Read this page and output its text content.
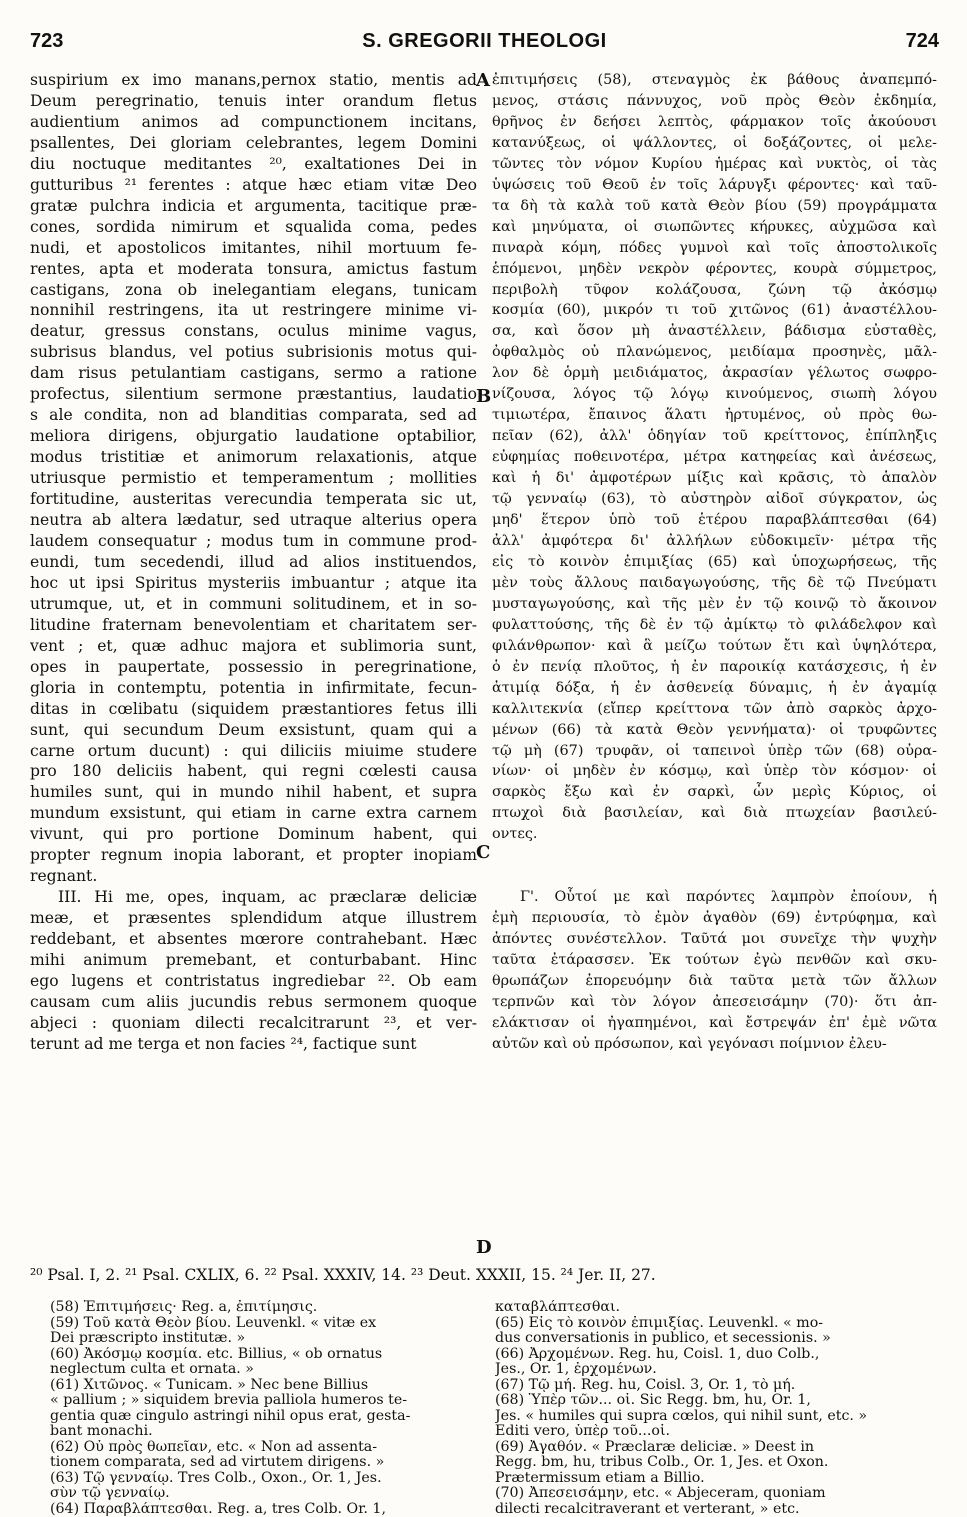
723	S. GREGORII THEOLOGI	724
suspirium ex imo manans,pernox statio, mentis ad
Deum peregrinatio, tenuis inter orandum fletus
audientium animos ad compunctionem incitans,
psallentes, Dei gloriam celebrantes, legem Domini
diu noctuque meditantes ²⁰, exaltationes Dei in
gutturibus ²¹ ferentes : atque hæc etiam vitæ Deo
gratæ pulchra indicia et argumenta, tacitique præ-
cones, sordida nimirum et squalida coma, pedes
nudi, et apostolicos imitantes, nihil mortuum fe-
rentes, apta et moderata tonsura, amictus fastum
castigans, zona ob inelegantiam elegans, tunicam
nonnihil restringens, ita ut restringere minime vi-
deatur, gressus constans, oculus minime vagus,
subrisus blandus, vel potius subrisionis motus qui-
dam risus petulantiam castigans, sermo a ratione
profectus, silentium sermone præstantius, laudatio
s ale condita, non ad blanditias comparata, sed ad
meliora dirigens, objurgatio laudatione optabilior,
modus tristitiæ et animorum relaxationis, atque
utriusque permistio et temperamentum ; mollities
fortitudine, austeritas verecundia temperata sic ut,
neutra ab altera lædatur, sed utraque alterius opera
laudem consequatur ; modus tum in commune prod-
eundi, tum secedendi, illud ad alios instituendos,
hoc ut ipsi Spiritus mysteriis imbuantur ; atque ita
utrumque, ut, et in communi solitudinem, et in so-
litudine fraternam benevolentiam et charitatem ser-
vent ; et, quæ adhuc majora et sublimoria sunt,
opes in paupertate, possessio in peregrinatione,
gloria in contemptu, potentia in infirmitate, fecun-
ditas in cœlibatu (siquidem præstantiores fetus illi
sunt, qui secundum Deum exsistunt, quam qui a
carne ortum ducunt) : qui diliciis miuime studere
pro 180 deliciis habent, qui regni cœlesti causa
humiles sunt, qui in mundo nihil habent, et supra
mundum exsistunt, qui etiam in carne extra carnem
vivunt, qui pro portione Dominum habent, qui
propter regnum inopia laborant, et propter inopiam
regnant.
III. Hi me, opes, inquam, ac præclaræ deliciæ
meæ, et præsentes splendidum atque illustrem
reddebant, et absentes mœrore contrahebant. Hæc
mihi animum premebant, et conturbabant. Hinc
ego lugens et contristatus ingrediebar ²². Ob eam
causam cum aliis jucundis rebus sermonem quoque
abjeci : quoniam dilecti recalcitrarunt ²³, et ver-
terunt ad me terga et non facies ²⁴, factique sunt
ἐπιτιμήσεις (58), στεναγμὸς ἐκ βάθους ἀναπεμπό-
μενος, στάσις πάννυχος, νοῦ πρὸς Θεὸν ἐκδημία,
θρῆνος ἐν δεήσει λεπτὸς, φάρμακον τοῖς ἀκούουσι
κατανύξεως, οἱ ψάλλοντες, οἱ δοξάζοντες, οἱ μελε-
τῶντες τὸν νόμον Κυρίου ἡμέρας καὶ νυκτὸς, οἱ τὰς
ὑψώσεις τοῦ Θεοῦ ἐν τοῖς λάρυγξι φέροντες· καὶ ταῦ-
τα δὴ τὰ καλὰ τοῦ κατὰ Θεὸν βίου (59) προγράμματα
καὶ μηνύματα, οἱ σιωπῶντες κήρυκες, αὐχμῶσα καὶ
πιναρὰ κόμη, πόδες γυμνοὶ καὶ τοῖς ἀποστολικοῖς
ἑπόμενοι, μηδὲν νεκρὸν φέροντες, κουρὰ σύμμετρος,
περιβολὴ τῦφον κολάζουσα, ζώνη τῷ ἀκόσμῳ
κοσμία (60), μικρόν τι τοῦ χιτῶνος (61) ἀναστέλλου-
σα, καὶ ὅσον μὴ ἀναστέλλειν, βάδισμα εὐσταθὲς,
ὀφθαλμὸς οὐ πλανώμενος, μειδίαμα προσηνὲς, μᾶλ-
λον δὲ ὁρμὴ μειδιάματος, ἀκρασίαν γέλωτος σωφρο-
νίζουσα, λόγος τῷ λόγῳ κινούμενος, σιωπὴ λόγου
τιμιωτέρα, ἔπαινος ἅλατι ἠρτυμένος, οὐ πρὸς θω-
πεῖαν (62), ἀλλ' ὁδηγίαν τοῦ κρείττονος, ἐπίπληξις
εὐφημίας ποθεινοτέρα, μέτρα κατηφείας καὶ ἀνέσεως,
καὶ ἡ δι' ἀμφοτέρων μίξις καὶ κρᾶσις, τὸ ἁπαλὸν
τῷ γενναίῳ (63), τὸ αὐστηρὸν αἰδοῖ σύγκρατον, ὡς
μηδ' ἕτερον ὑπὸ τοῦ ἑτέρου παραβλάπτεσθαι (64)
ἀλλ' ἀμφότερα δι' ἀλλήλων εὐδοκιμεῖν· μέτρα τῆς
εἰς τὸ κοινὸν ἐπιμιξίας (65) καὶ ὑποχωρήσεως, τῆς
μὲν τοὺς ἄλλους παιδαγωγούσης, τῆς δὲ τῷ Πνεύματι
μυσταγωγούσης, καὶ τῆς μὲν ἐν τῷ κοινῷ τὸ ἄκοινον
φυλαττούσης, τῆς δὲ ἐν τῷ ἀμίκτῳ τὸ φιλάδελφον καὶ
φιλάνθρωπον· καὶ ἃ μείζω τούτων ἔτι καὶ ὑψηλότερα,
ὁ ἐν πενίᾳ πλοῦτος, ἡ ἐν παροικίᾳ κατάσχεσις, ἡ ἐν
ἀτιμίᾳ δόξα, ἡ ἐν ἀσθενείᾳ δύναμις, ἡ ἐν ἀγαμίᾳ
καλλιτεκνία (εἴπερ κρείττονα τῶν ἀπὸ σαρκὸς ἀρχο-
μένων (66) τὰ κατὰ Θεὸν γεννήματα)· οἱ τρυφῶντες
τῷ μὴ (67) τρυφᾶν, οἱ ταπεινοὶ ὑπὲρ τῶν (68) οὐρα-
νίων· οἱ μηδὲν ἐν κόσμῳ, καὶ ὑπὲρ τὸν κόσμον· οἱ
σαρκὸς ἔξω καὶ ἐν σαρκὶ, ὧν μερὶς Κύριος, οἱ
πτωχοὶ διὰ βασιλείαν, καὶ διὰ πτωχείαν βασιλεύ-
οντες.

Γ'. Οὗτοί με καὶ παρόντες λαμπρὸν ἐποίουν, ἡ
ἐμὴ περιουσία, τὸ ἐμὸν ἀγαθὸν (69) ἐντρύφημα, καὶ
ἀπόντες συνέστελλον. Ταῦτά μοι συνεῖχε τὴν ψυχὴν
ταῦτα ἐτάρασσεν. Ἐκ τούτων ἐγὼ πενθῶν καὶ σκυ-
θρωπάζων ἐπορευόμην διὰ ταῦτα μετὰ τῶν ἄλλων
τερπνῶν καὶ τὸν λόγον ἀπεσεισάμην (70)· ὅτι ἀπ-
ελάκτισαν οἱ ἠγαπημένοι, καὶ ἔστρεψάν ἐπ' ἐμὲ νῶτα
αὐτῶν καὶ οὐ πρόσωπον, καὶ γεγόνασι ποίμνιον ἐλευ-
A
B
C
D
²⁰ Psal. I, 2. ²¹ Psal. CXLIX, 6. ²² Psal. XXXIV, 14. ²³ Deut. XXXII, 15. ²⁴ Jer. II, 27.
(58) Ἐπιτιμήσεις· Reg. a, ἐπιτίμησις.
(59) Τοῦ κατὰ Θεὸν βίου. Leuvenkl. « vitæ ex
Dei præscripto institutæ. »
(60) Ἀκόσμῳ κοσμία. etc. Billius, « ob ornatus
neglectum culta et ornata. »
(61) Χιτῶνος. « Tunicam. » Nec bene Billius
« pallium ; » siquidem brevia palliola humeros te-
gentia quæ cingulo astringi nihil opus erat, gesta-
bant monachi.
(62) Οὐ πρὸς θωπεῖαν, etc. « Non ad assenta-
tionem comparata, sed ad virtutem dirigens. »
(63) Τῷ γενναίῳ. Tres Colb., Oxon., Or. 1, Jes.
σὺν τῷ γενναίῳ.
(64) Παραβλάπτεσθαι. Reg. a, tres Colb. Or. 1,
καταβλάπτεσθαι.
(65) Εἰς τὸ κοινὸν ἐπιμιξίας. Leuvenkl. « mo-
dus conversationis in publico, et secessionis. »
(66) Ἀρχομένων. Reg. hu, Coisl. 1, duo Colb.,
Jes., Or. 1, ἐρχομένων.
(67) Τῷ μή. Reg. hu, Coisl. 3, Or. 1, τὸ μή.
(68) Ὑπὲρ τῶν... οἱ. Sic Regg. bm, hu, Or. 1,
Jes. « humiles qui supra cœlos, qui nihil sunt, etc. »
Editi vero, ὑπὲρ τοῦ...οἱ.
(69) Ἀγαθόν. « Præclaræ deliciæ. » Deest in
Regg. bm, hu, tribus Colb., Or. 1, Jes. et Oxon.
Prætermissum etiam a Billio.
(70) Ἀπεσεισάμην, etc. « Abjeceram, quoniam
dilecti recalcitraverant et verterant, » etc.
